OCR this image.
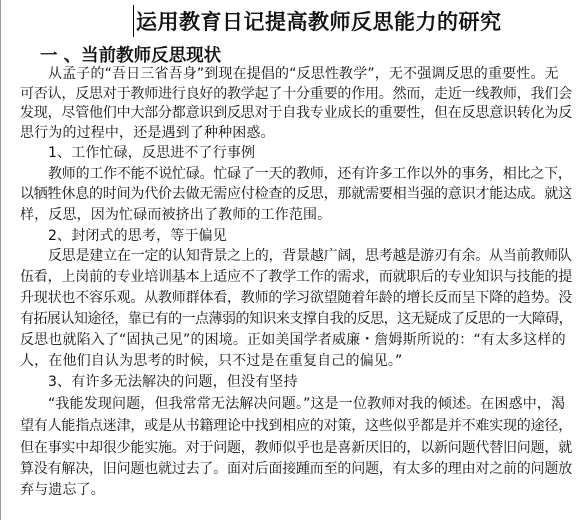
运用教育日记提高教师反思能力的研究
一 、当前教师反思现状
从孟子的“吾日三省吾身”到现在提倡的“反思性教学”，无不强调反思的重要性。无
可否认，反思对于教师进行良好的教学起了十分重要的作用。然而，走近一线教师，我们会
发现，尽管他们中大部分都意识到反思对于自我专业成长的重要性，但在反思意识转化为反
思行为的过程中，还是遇到了种种困惑。
1、工作忙碌，反思进不了行事例
教师的工作不能不说忙碌。忙碌了一天的教师，还有许多工作以外的事务，相比之下，
以牺牲休息的时间为代价去做无需应付检查的反思，那就需要相当强的意识才能达成。就这
样，反思，因为忙碌而被挤出了教师的工作范围。
2、封闭式的思考，等于偏见
反思是建立在一定的认知背景之上的，背景越广阔，思考越是游刃有余。从当前教师队
伍看，上岗前的专业培训基本上适应不了教学工作的需求，而就职后的专业知识与技能的提
升现状也不容乐观。从教师群体看，教师的学习欲望随着年龄的增长反而呈下降的趋势。没
有拓展认知途径，靠已有的一点薄弱的知识来支撑自我的反思，这无疑成了反思的一大障碍，
反思也就陷入了“固执己见”的困境。正如美国学者威廉・詹姆斯所说的：“有太多这样的
人，在他们自认为思考的时候，只不过是在重复自己的偏见。”
3、有许多无法解决的问题，但没有坚持
“我能发现问题，但我常常无法解决问题。”这是一位教师对我的倾述。在困惑中，渴
望有人能指点迷津，或是从书籍理论中找到相应的对策，这些似乎都是并不难实现的途径，
但在事实中却很少能实施。对于问题，教师似乎也是喜新厌旧的，以新问题代替旧问题，就
算没有解决，旧问题也就过去了。面对后面接踵而至的问题，有太多的理由对之前的问题放
弃与遗忘了。
